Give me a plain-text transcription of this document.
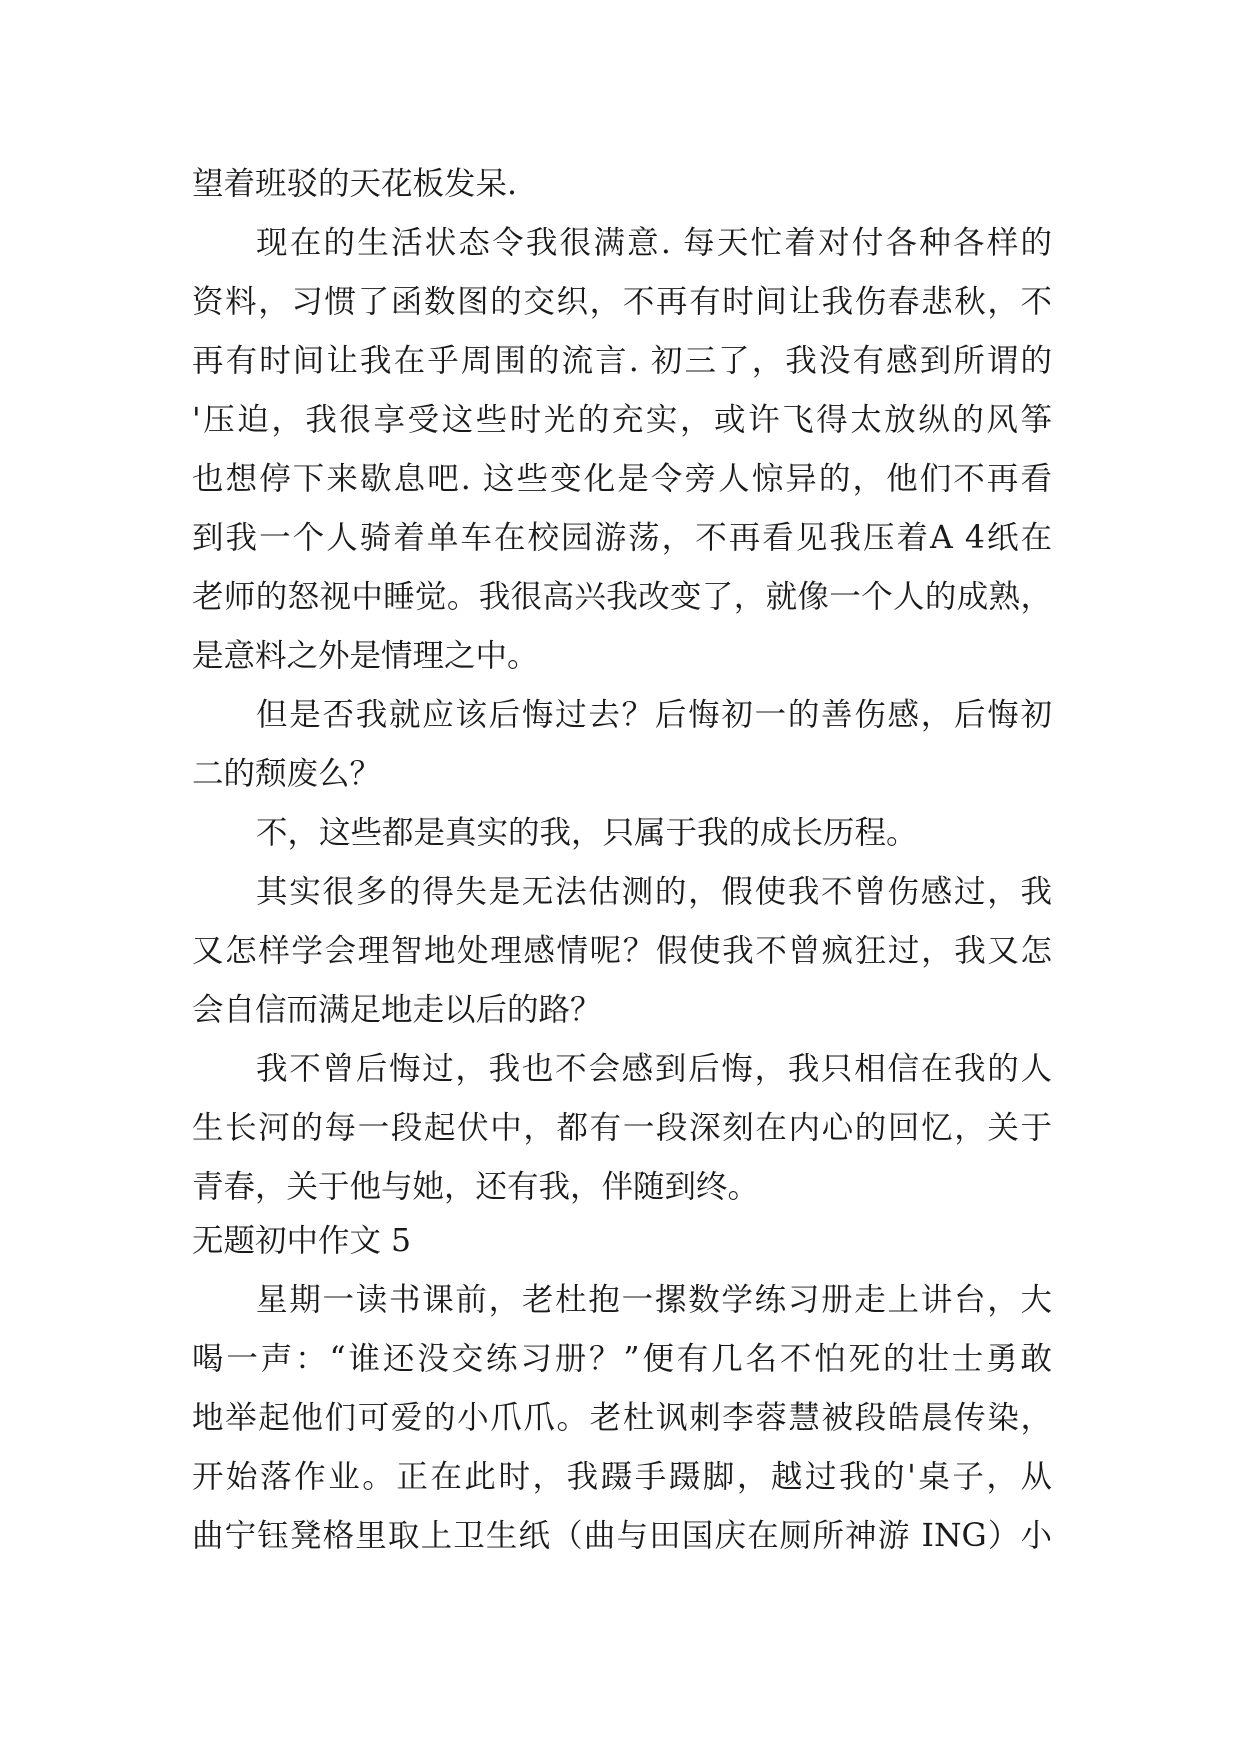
望着班驳的天花板发呆.
现在的生活状态令我很满意. 每天忙着对付各种各样的
资料，习惯了函数图的交织，不再有时间让我伤春悲秋，不
再有时间让我在乎周围的流言. 初三了，我没有感到所谓的
'压迫，我很享受这些时光的充实，或许飞得太放纵的风筝
也想停下来歇息吧. 这些变化是令旁人惊异的，他们不再看
到我一个人骑着单车在校园游荡，不再看见我压着A 4纸在
老师的怒视中睡觉。我很高兴我改变了，就像一个人的成熟，
是意料之外是情理之中。
但是否我就应该后悔过去？后悔初一的善伤感，后悔初
二的颓废么？
不，这些都是真实的我，只属于我的成长历程。
其实很多的得失是无法估测的，假使我不曾伤感过，我
又怎样学会理智地处理感情呢？假使我不曾疯狂过，我又怎
会自信而满足地走以后的路？
我不曾后悔过，我也不会感到后悔，我只相信在我的人
生长河的每一段起伏中，都有一段深刻在内心的回忆，关于
青春，关于他与她，还有我，伴随到终。
无题初中作文 5
星期一读书课前，老杜抱一摞数学练习册走上讲台，大
喝一声：“谁还没交练习册？”便有几名不怕死的壮士勇敢
地举起他们可爱的小爪爪。老杜讽刺李蓉慧被段皓晨传染，
开始落作业。正在此时，我蹑手蹑脚，越过我的'桌子，从
曲宁钰凳格里取上卫生纸（曲与田国庆在厕所神游 ING）小
